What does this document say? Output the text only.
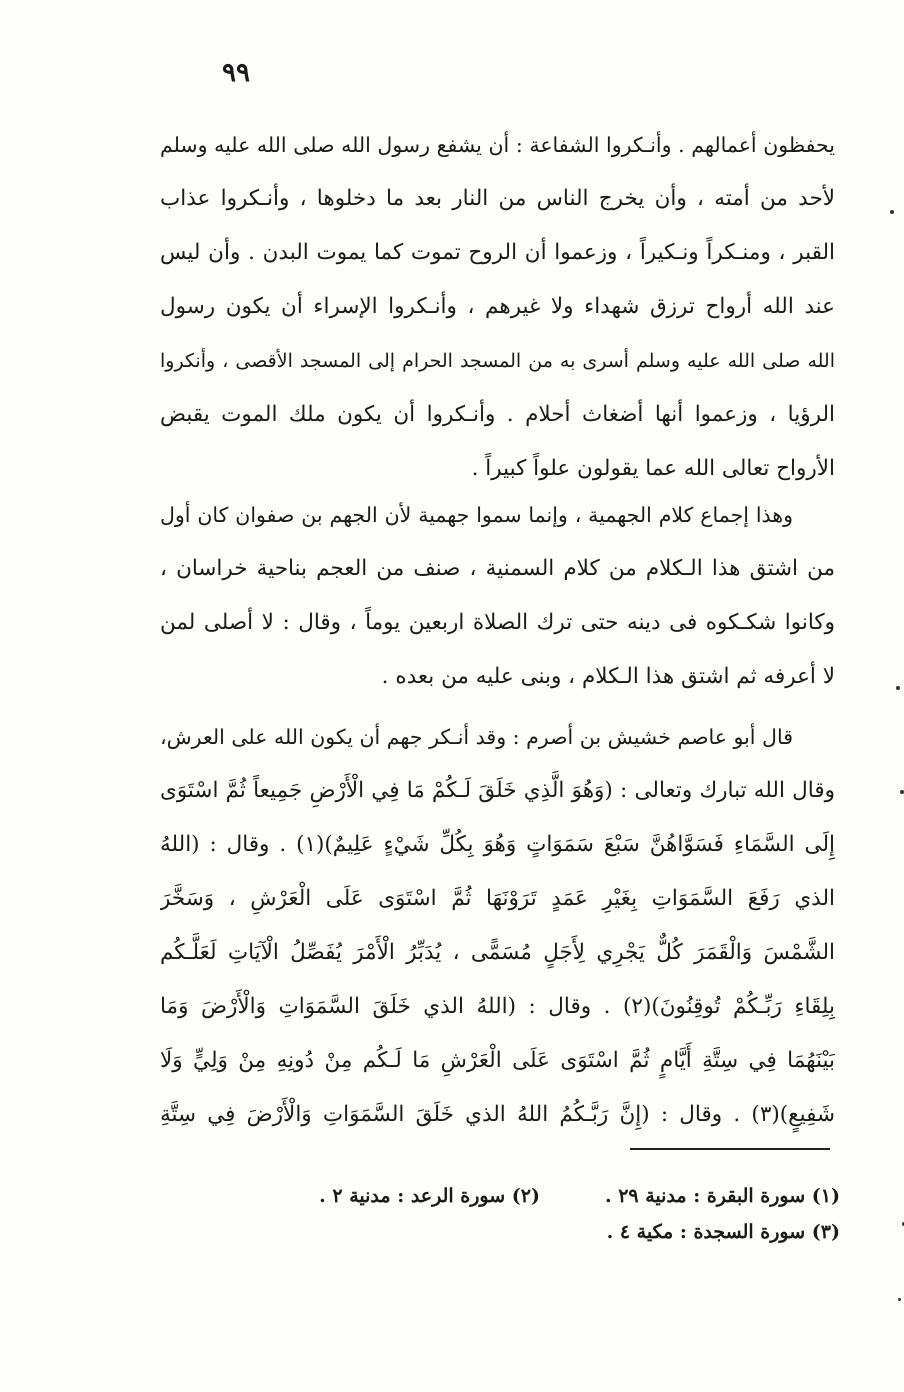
٩٩
يحفظون أعمالهم . وأنـكروا الشفاعة : أن يشفع رسول الله صلى الله عليه وسلم
لأحد من أمته ، وأن يخرج الناس من النار بعد ما دخلوها ، وأنـكروا عذاب
القبر ، ومنـكراً ونـكيراً ، وزعموا أن الروح تموت كما يموت البدن . وأن ليس
عند الله أرواح ترزق شهداء ولا غيرهم ، وأنـكروا الإسراء أن يكون رسول
الله صلى الله عليه وسلم أسرى به من المسجد الحرام إلى المسجد الأقصى ، وأنكروا
الرؤيا ، وزعموا أنها أضغاث أحلام . وأنـكروا أن يكون ملك الموت يقبض
الأرواح تعالى الله عما يقولون علواً كبيراً .
وهذا إجماع كلام الجهمية ، وإنما سموا جهمية لأن الجهم بن صفوان كان أول
من اشتق هذا الـكلام من كلام السمنية ، صنف من العجم بناحية خراسان ،
وكانوا شكـكوه فى دينه حتى ترك الصلاة اربعين يوماً ، وقال : لا أصلى لمن
لا أعرفه ثم اشتق هذا الـكلام ، وبنى عليه من بعده .
قال أبو عاصم خشيش بن أصرم : وقد أنـكر جهم أن يكون الله على العرش،
وقال الله تبارك وتعالى : (وَهُوَ الَّذِي خَلَقَ لَـكُمْ مَا فِي الْأَرْضِ جَمِيعاً ثُمَّ اسْتَوَى
إِلَى السَّمَاءِ فَسَوَّاهُنَّ سَبْعَ سَمَوَاتٍ وَهُوَ بِكُلِّ شَيْءٍ عَلِيمٌ)(١) . وقال : (اللهُ
الذي رَفَعَ السَّمَوَاتِ بِغَيْرِ عَمَدٍ تَرَوْنَهَا ثُمَّ اسْتَوَى عَلَى الْعَرْشِ ، وَسَخَّرَ
الشَّمْسَ وَالْقَمَرَ كُلٌّ يَجْرِي لِأَجَلٍ مُسَمًّى ، يُدَبِّرُ الْأَمْرَ يُفَصِّلُ الْآيَاتِ لَعَلَّـكُم
بِلِقَاءِ رَبِّـكُمْ تُوقِنُونَ)(٢) . وقال : (اللهُ الذي خَلَقَ السَّمَوَاتِ وَالْأَرْضَ وَمَا
بَيْنَهُمَا فِي سِتَّةِ أَيَّامٍ ثُمَّ اسْتَوَى عَلَى الْعَرْشِ مَا لَـكُم مِنْ دُونِهِ مِنْ وَلِيٍّ وَلَا
شَفِيعٍ)(٣) . وقال : (إِنَّ رَبَّـكُمُ اللهُ الذي خَلَقَ السَّمَوَاتِ وَالْأَرْضَ فِي سِتَّةِ
(١) سورة البقرة : مدنية ٢٩ .
(٢) سورة الرعد : مدنية ٢ .
(٣) سورة السجدة : مكية ٤ .
